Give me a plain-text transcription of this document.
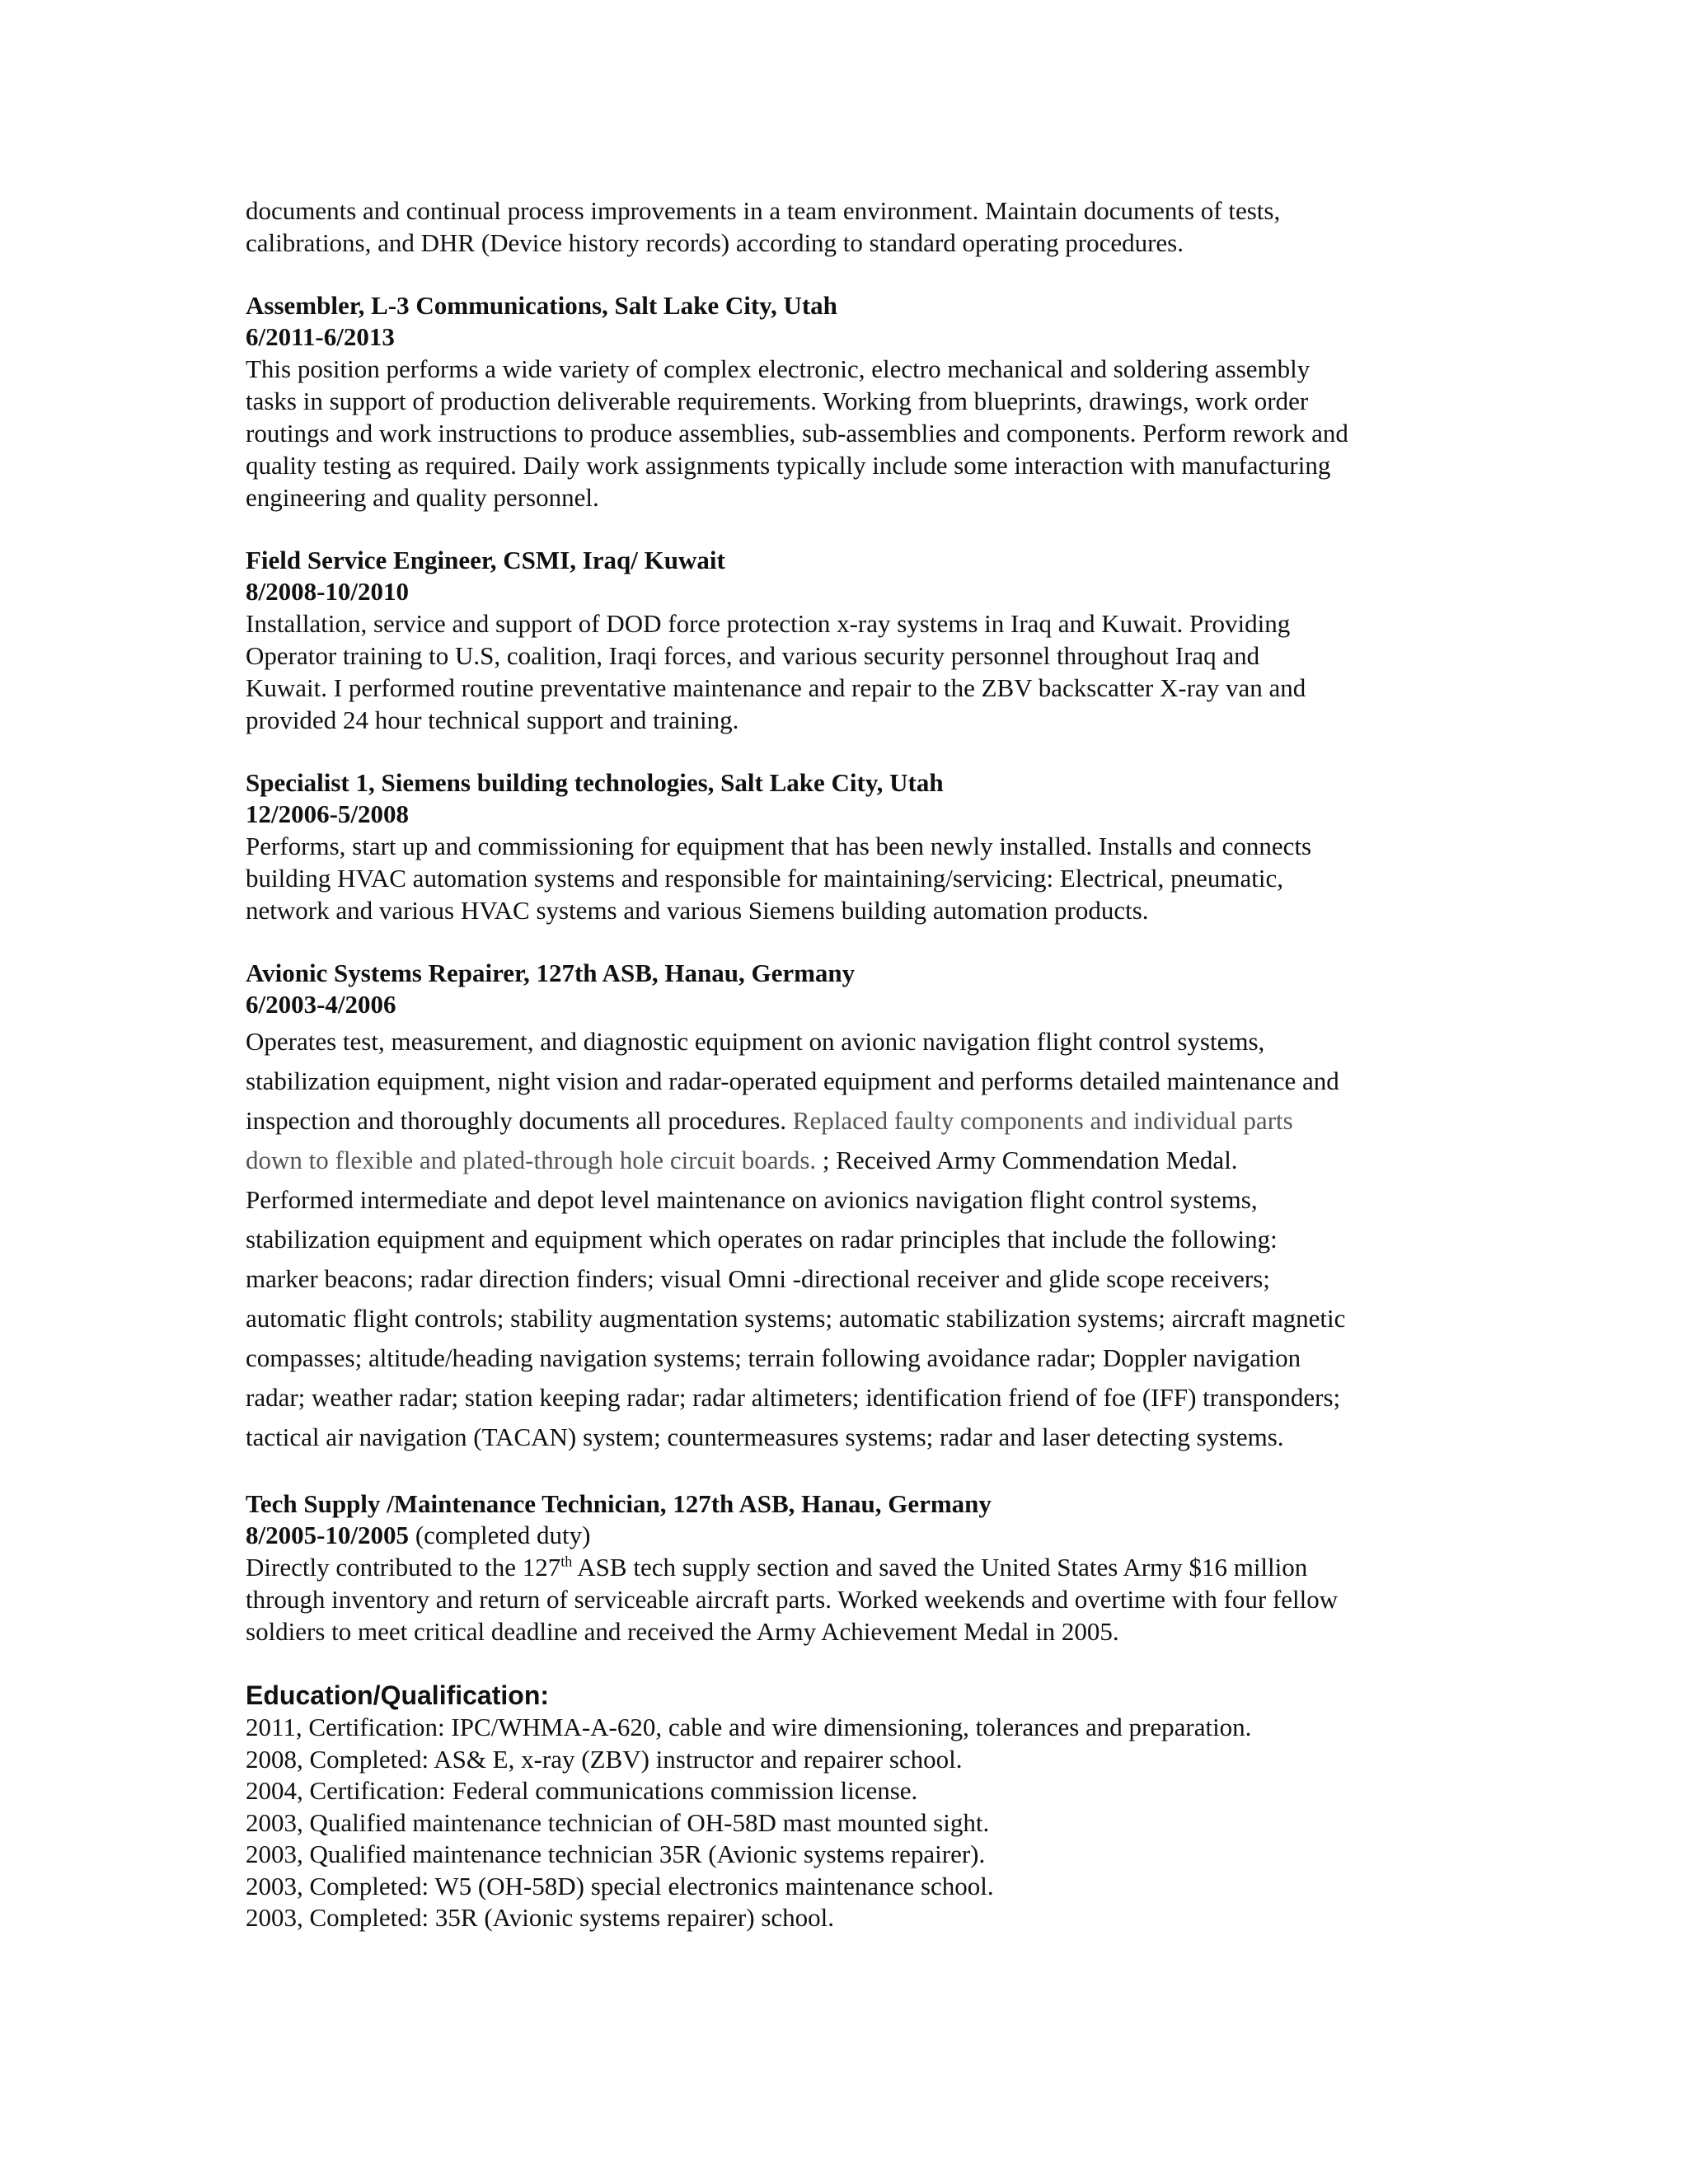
documents and continual process improvements in a team environment. Maintain documents of tests,
calibrations, and DHR (Device history records) according to standard operating procedures.

Assembler, L-3 Communications, Salt Lake City, Utah

6/2011-6/2013

This position performs a wide variety of complex electronic, electro mechanical and soldering assembly
tasks in support of production deliverable requirements. Working from blueprints, drawings, work order
routings and work instructions to produce assemblies, sub-assemblies and components. Perform rework and
quality testing as required. Daily work assignments typically include some interaction with manufacturing
engineering and quality personnel.

Field Service Engineer, CSMI, Iraq/ Kuwait

8/2008-10/2010

Installation, service and support of DOD force protection x-ray systems in Iraq and Kuwait. Providing
Operator training to U.S, coalition, Iraqi forces, and various security personnel throughout Iraq and
Kuwait. I performed routine preventative maintenance and repair to the ZBV backscatter X-ray van and
provided 24 hour technical support and training.

Specialist 1, Siemens building technologies, Salt Lake City, Utah

12/2006-5/2008

Performs, start up and commissioning for equipment that has been newly installed. Installs and connects
building HVAC automation systems and responsible for maintaining/servicing: Electrical, pneumatic,
network and various HVAC systems and various Siemens building automation products.

Avionic Systems Repairer, 127th ASB, Hanau, Germany

6/2003-4/2006

Operates test, measurement, and diagnostic equipment on avionic navigation flight control systems,
stabilization equipment, night vision and radar-operated equipment and performs detailed maintenance and
inspection and thoroughly documents all procedures. Replaced faulty components and individual parts
down to flexible and plated-through hole circuit boards. ; Received Army Commendation Medal.
Performed intermediate and depot level maintenance on avionics navigation flight control systems,
stabilization equipment and equipment which operates on radar principles that include the following:
marker beacons; radar direction finders; visual Omni -directional receiver and glide scope receivers;
automatic flight controls; stability augmentation systems; automatic stabilization systems; aircraft magnetic
compasses; altitude/heading navigation systems; terrain following avoidance radar; Doppler navigation
radar; weather radar; station keeping radar; radar altimeters; identification friend of foe (IFF) transponders;
tactical air navigation (TACAN) system; countermeasures systems; radar and laser detecting systems.

Tech Supply /Maintenance Technician, 127th ASB, Hanau, Germany

8/2005-10/2005 (completed duty)

Directly contributed to the 127th ASB tech supply section and saved the United States Army $16 million
through inventory and return of serviceable aircraft parts. Worked weekends and overtime with four fellow
soldiers to meet critical deadline and received the Army Achievement Medal in 2005.

Education/Qualification:
2011, Certification: IPC/WHMA-A-620, cable and wire dimensioning, tolerances and preparation.
2008, Completed: AS& E, x-ray (ZBV) instructor and repairer school.
2004, Certification: Federal communications commission license.
2003, Qualified maintenance technician of OH-58D mast mounted sight.
2003, Qualified maintenance technician 35R (Avionic systems repairer).
2003, Completed: W5 (OH-58D) special electronics maintenance school.
2003, Completed: 35R (Avionic systems repairer) school.
